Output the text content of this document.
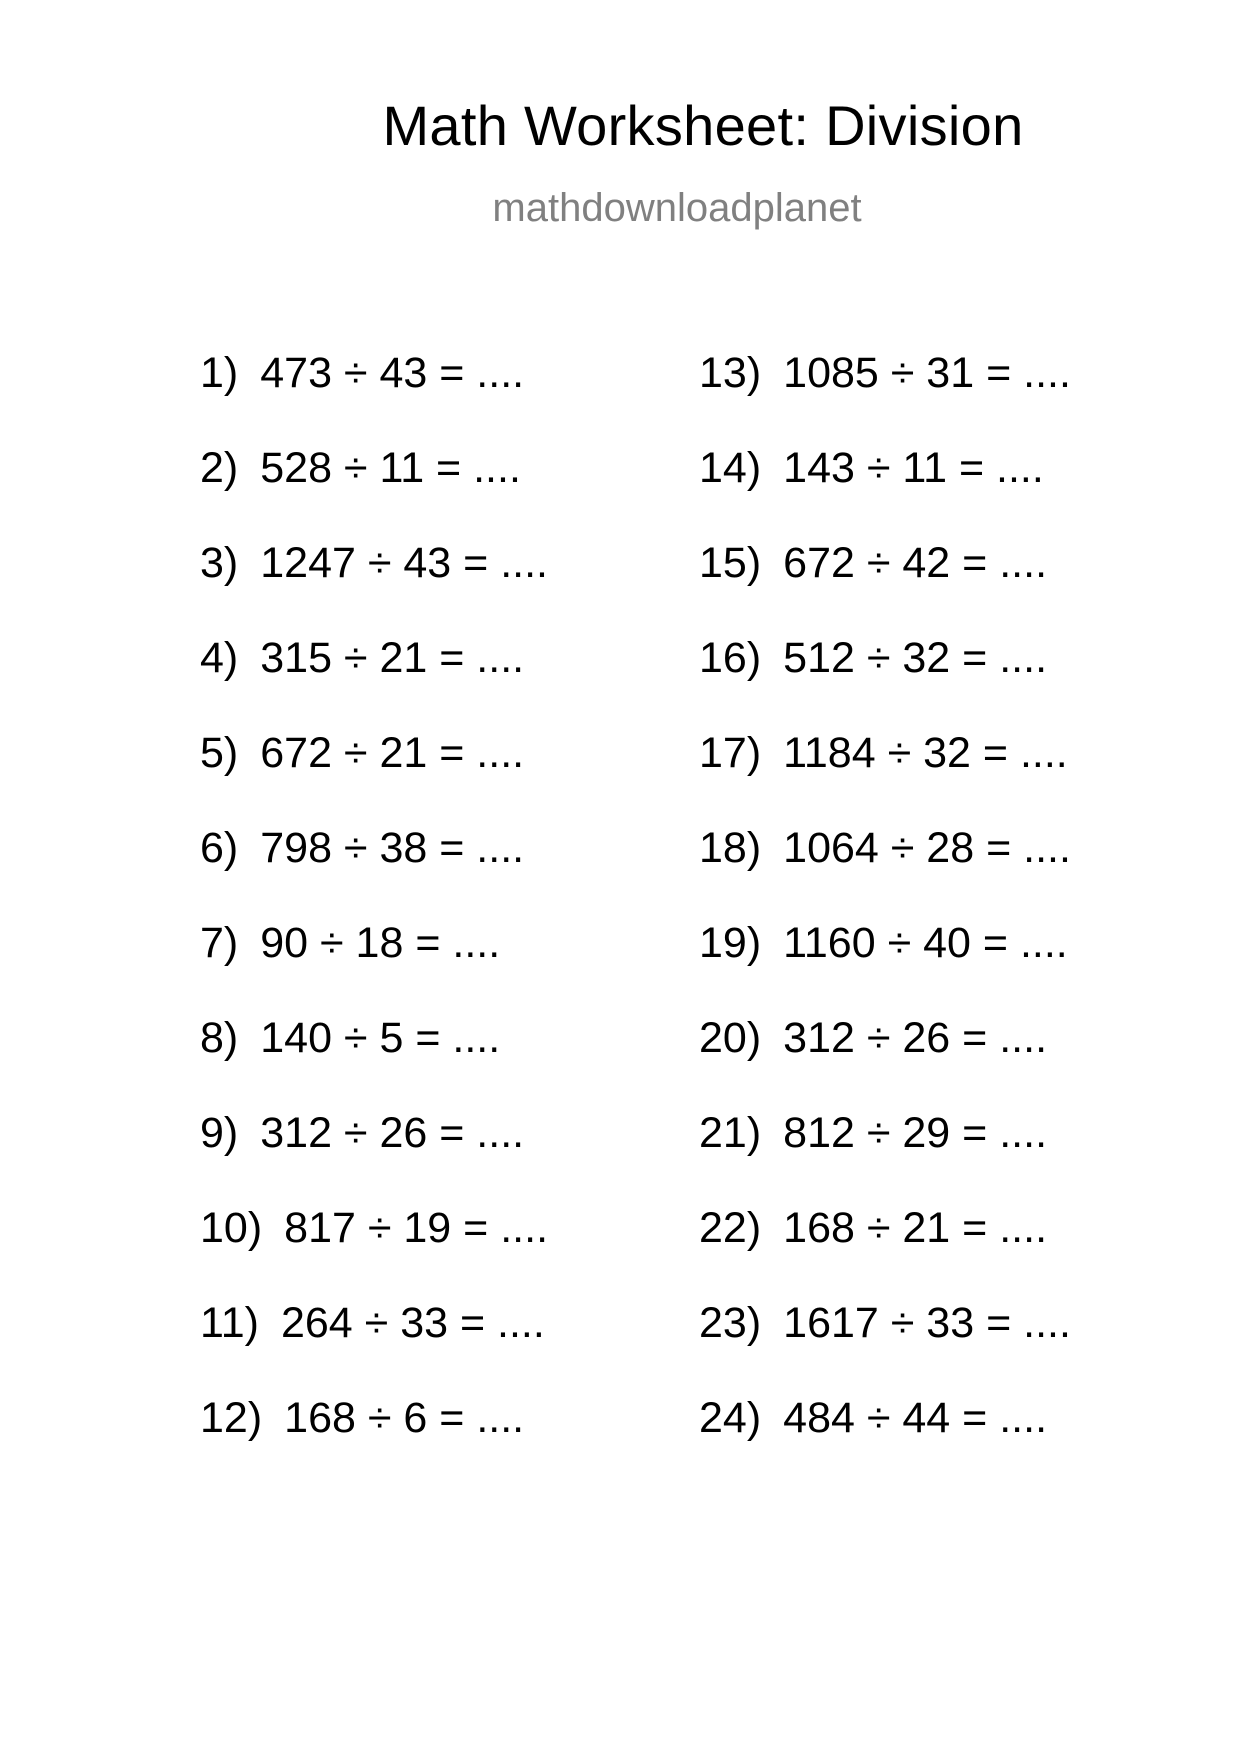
Math Worksheet: Division

mathdownloadplanet

1) 473 ÷ 43 = ....
2) 528 ÷ 11 = ....
3) 1247 ÷ 43 = ....
4) 315 ÷ 21 = ....
5) 672 ÷ 21 = ....
6) 798 ÷ 38 = ....
7) 90 ÷ 18 = ....
8) 140 ÷ 5 = ....
9) 312 ÷ 26 = ....
10) 817 ÷ 19 = ....
11) 264 ÷ 33 = ....
12) 168 ÷ 6 = ....
13) 1085 ÷ 31 = ....
14) 143 ÷ 11 = ....
15) 672 ÷ 42 = ....
16) 512 ÷ 32 = ....
17) 1184 ÷ 32 = ....
18) 1064 ÷ 28 = ....
19) 1160 ÷ 40 = ....
20) 312 ÷ 26 = ....
21) 812 ÷ 29 = ....
22) 168 ÷ 21 = ....
23) 1617 ÷ 33 = ....
24) 484 ÷ 44 = ....
